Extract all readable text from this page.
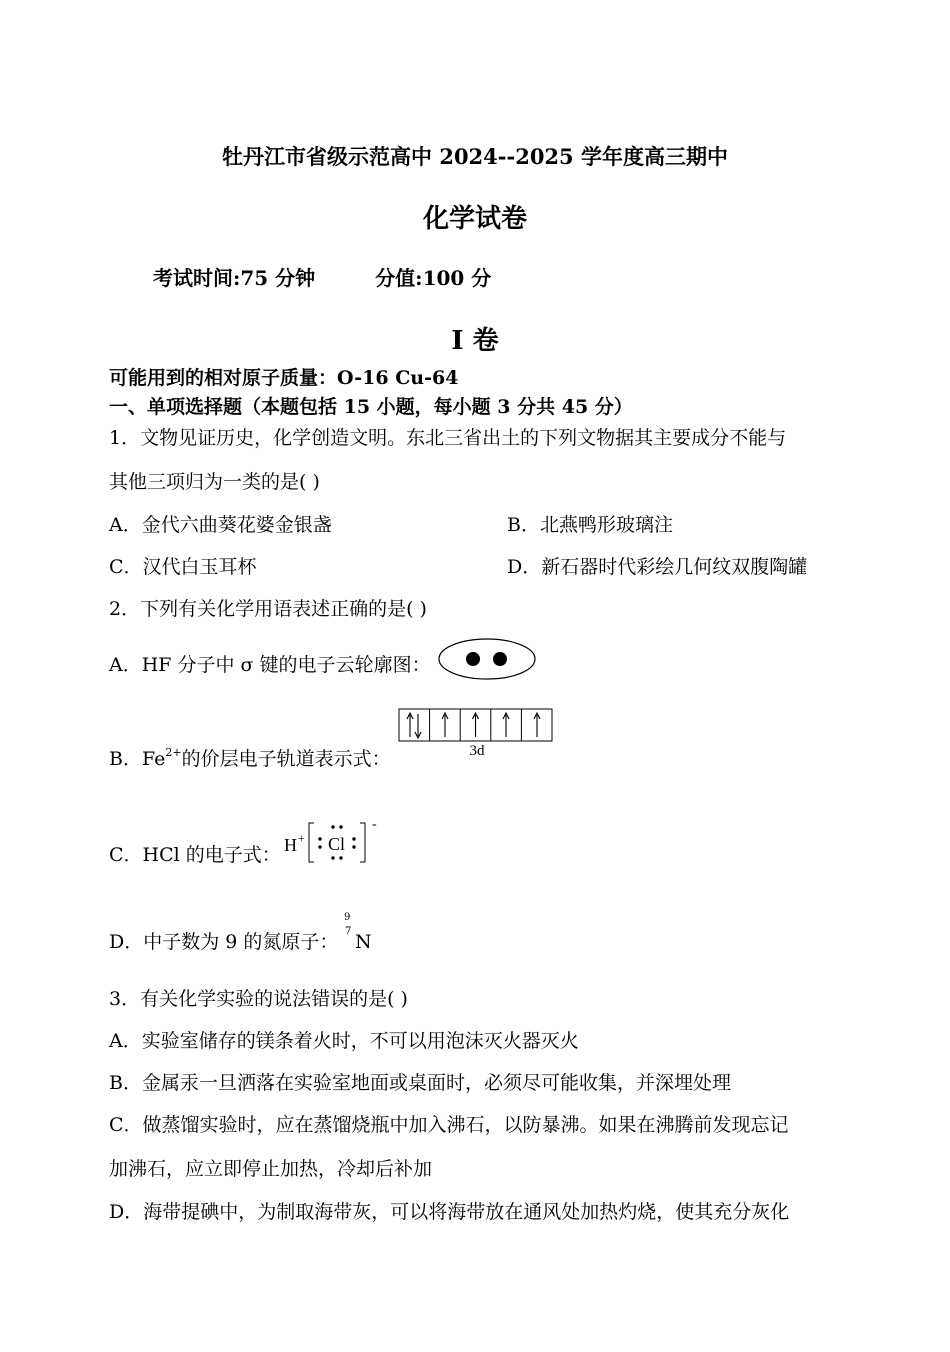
牡丹江市省级示范高中 2024--2025 学年度高三期中
化学试卷
考试时间:75 分钟	分值:100 分
I 卷
可能用到的相对原子质量：O-16 Cu-64
一、单项选择题（本题包括 15 小题，每小题 3 分共 45 分）
1．文物见证历史，化学创造文明。东北三省出土的下列文物据其主要成分不能与
其他三项归为一类的是( )
A．金代六曲葵花婆金银盏	B．北燕鸭形玻璃注
C．汉代白玉耳杯	D．新石器时代彩绘几何纹双腹陶罐
2．下列有关化学用语表述正确的是( )
A．HF 分子中 σ 键的电子云轮廓图：
B．$Fe^{2+}$的价层电子轨道表示式：	3d
C．HCl 的电子式： H + Cl
-
D．中子数为 9 的氮原子：
9
7 N
3．有关化学实验的说法错误的是( )
A．实验室储存的镁条着火时，不可以用泡沫灭火器灭火
B．金属汞一旦洒落在实验室地面或桌面时，必须尽可能收集，并深埋处理
C．做蒸馏实验时，应在蒸馏烧瓶中加入沸石，以防暴沸。如果在沸腾前发现忘记
加沸石，应立即停止加热，冷却后补加
D．海带提碘中，为制取海带灰，可以将海带放在通风处加热灼烧，使其充分灰化
